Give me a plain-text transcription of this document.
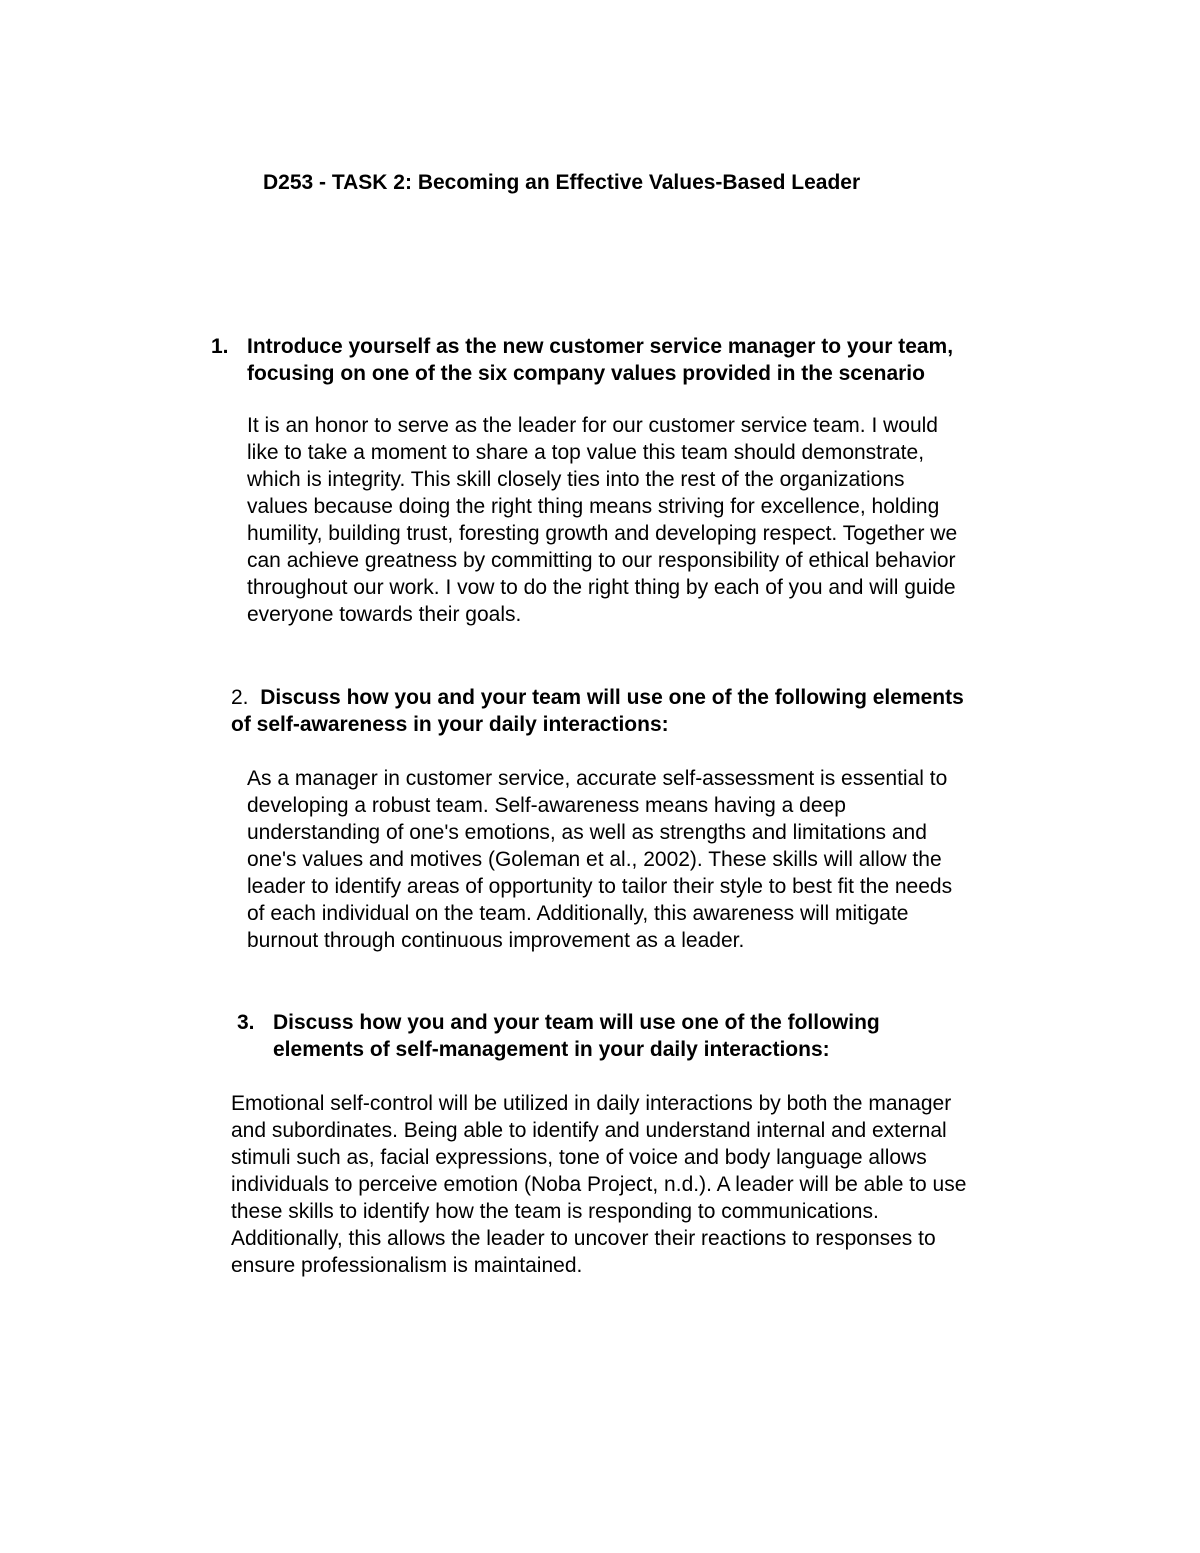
D253 - TASK 2: Becoming an Effective Values-Based Leader
1. Introduce yourself as the new customer service manager to your team,
focusing on one of the six company values provided in the scenario
It is an honor to serve as the leader for our customer service team. I would
like to take a moment to share a top value this team should demonstrate,
which is integrity. This skill closely ties into the rest of the organizations
values because doing the right thing means striving for excellence, holding
humility, building trust, foresting growth and developing respect. Together we
can achieve greatness by committing to our responsibility of ethical behavior
throughout our work. I vow to do the right thing by each of you and will guide
everyone towards their goals.
2. Discuss how you and your team will use one of the following elements
of self-awareness in your daily interactions:
As a manager in customer service, accurate self-assessment is essential to
developing a robust team. Self-awareness means having a deep
understanding of one's emotions, as well as strengths and limitations and
one's values and motives (Goleman et al., 2002). These skills will allow the
leader to identify areas of opportunity to tailor their style to best fit the needs
of each individual on the team. Additionally, this awareness will mitigate
burnout through continuous improvement as a leader.
3. Discuss how you and your team will use one of the following
elements of self-management in your daily interactions:
Emotional self-control will be utilized in daily interactions by both the manager
and subordinates. Being able to identify and understand internal and external
stimuli such as, facial expressions, tone of voice and body language allows
individuals to perceive emotion (Noba Project, n.d.). A leader will be able to use
these skills to identify how the team is responding to communications.
Additionally, this allows the leader to uncover their reactions to responses to
ensure professionalism is maintained.
